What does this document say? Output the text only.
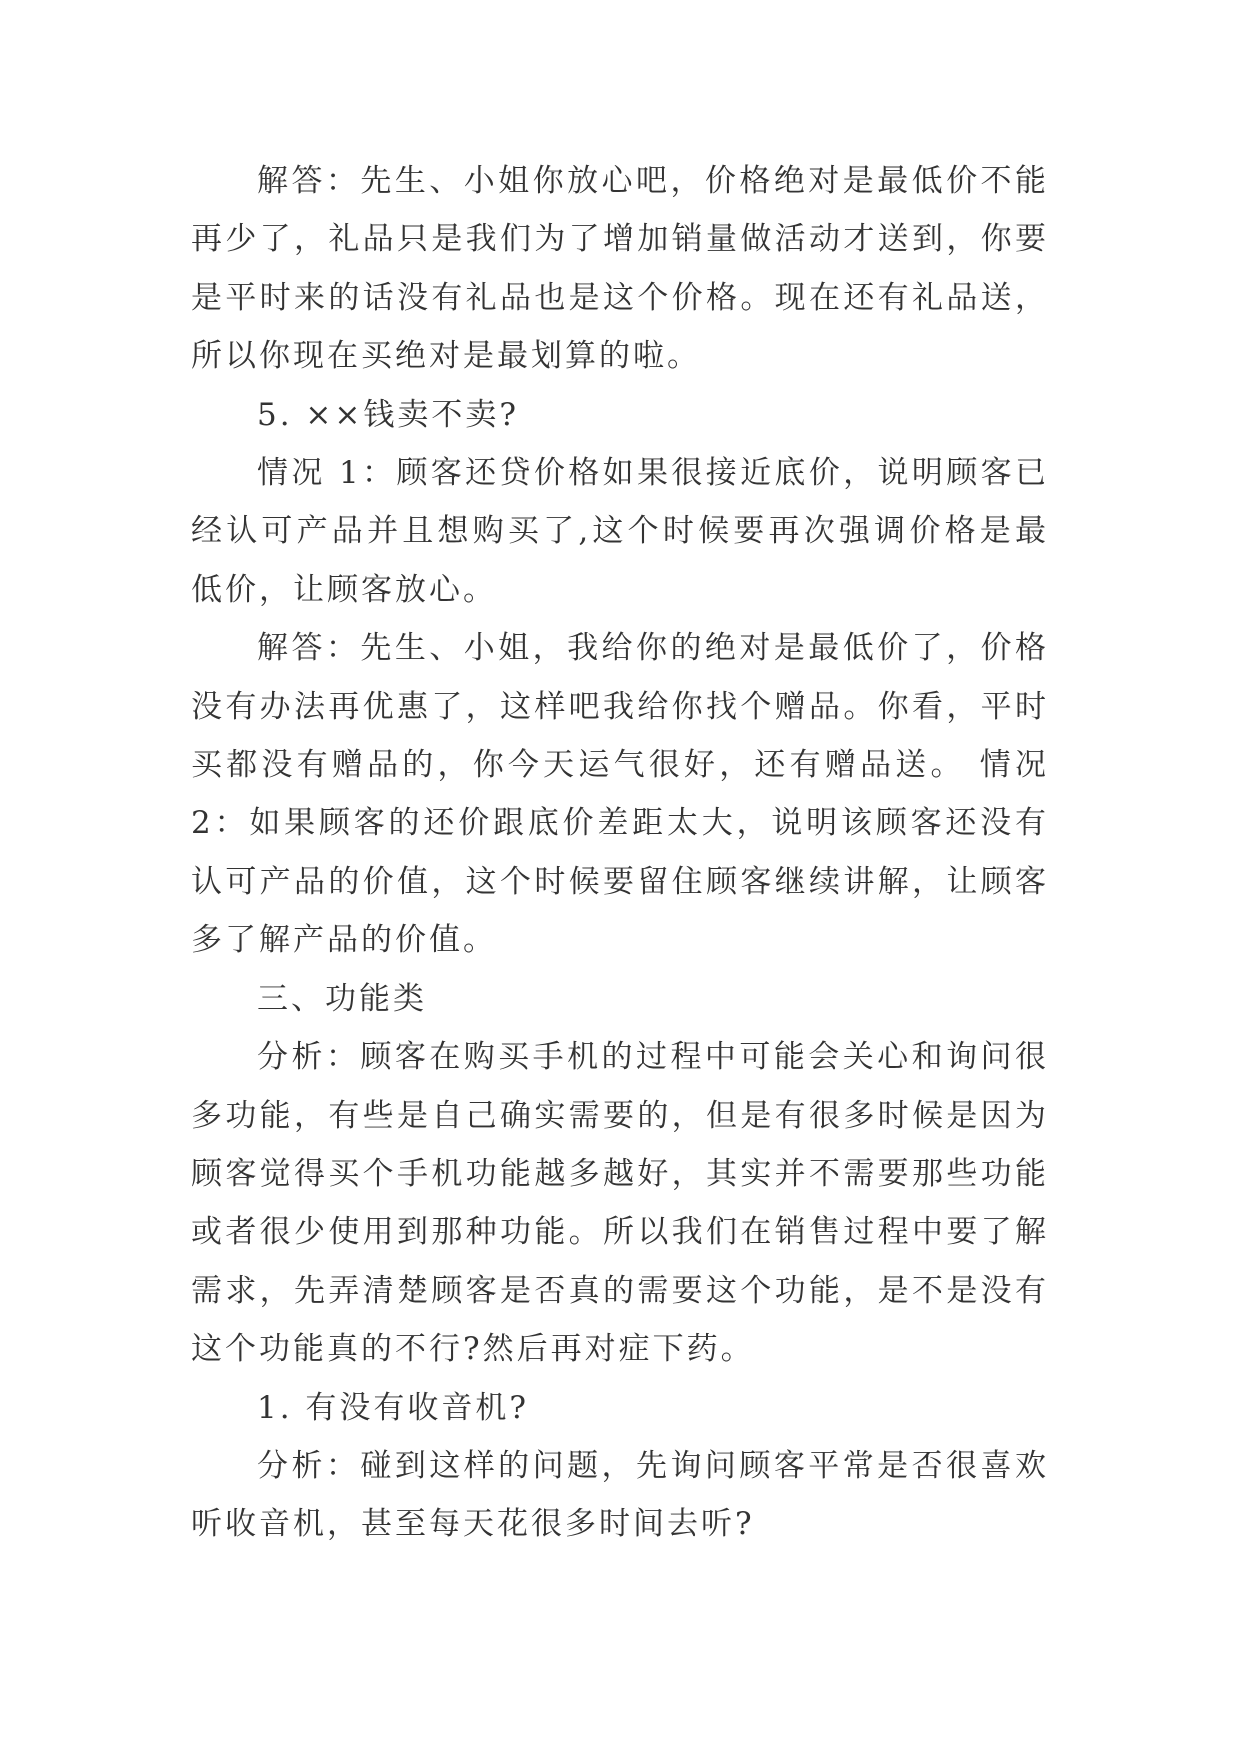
解答：先生、小姐你放心吧，价格绝对是最低价不能再少了，礼品只是我们为了增加销量做活动才送到，你要是平时来的话没有礼品也是这个价格。现在还有礼品送，所以你现在买绝对是最划算的啦。

5. ××钱卖不卖?

情况 1：顾客还贷价格如果很接近底价，说明顾客已经认可产品并且想购买了,这个时候要再次强调价格是最低价，让顾客放心。

解答：先生、小姐，我给你的绝对是最低价了，价格没有办法再优惠了，这样吧我给你找个赠品。你看，平时买都没有赠品的，你今天运气很好，还有赠品送。 情况 2：如果顾客的还价跟底价差距太大，说明该顾客还没有认可产品的价值，这个时候要留住顾客继续讲解，让顾客多了解产品的价值。

三、功能类

分析：顾客在购买手机的过程中可能会关心和询问很多功能，有些是自己确实需要的，但是有很多时候是因为顾客觉得买个手机功能越多越好，其实并不需要那些功能或者很少使用到那种功能。所以我们在销售过程中要了解需求，先弄清楚顾客是否真的需要这个功能，是不是没有这个功能真的不行?然后再对症下药。

1. 有没有收音机?

分析：碰到这样的问题，先询问顾客平常是否很喜欢听收音机，甚至每天花很多时间去听?
